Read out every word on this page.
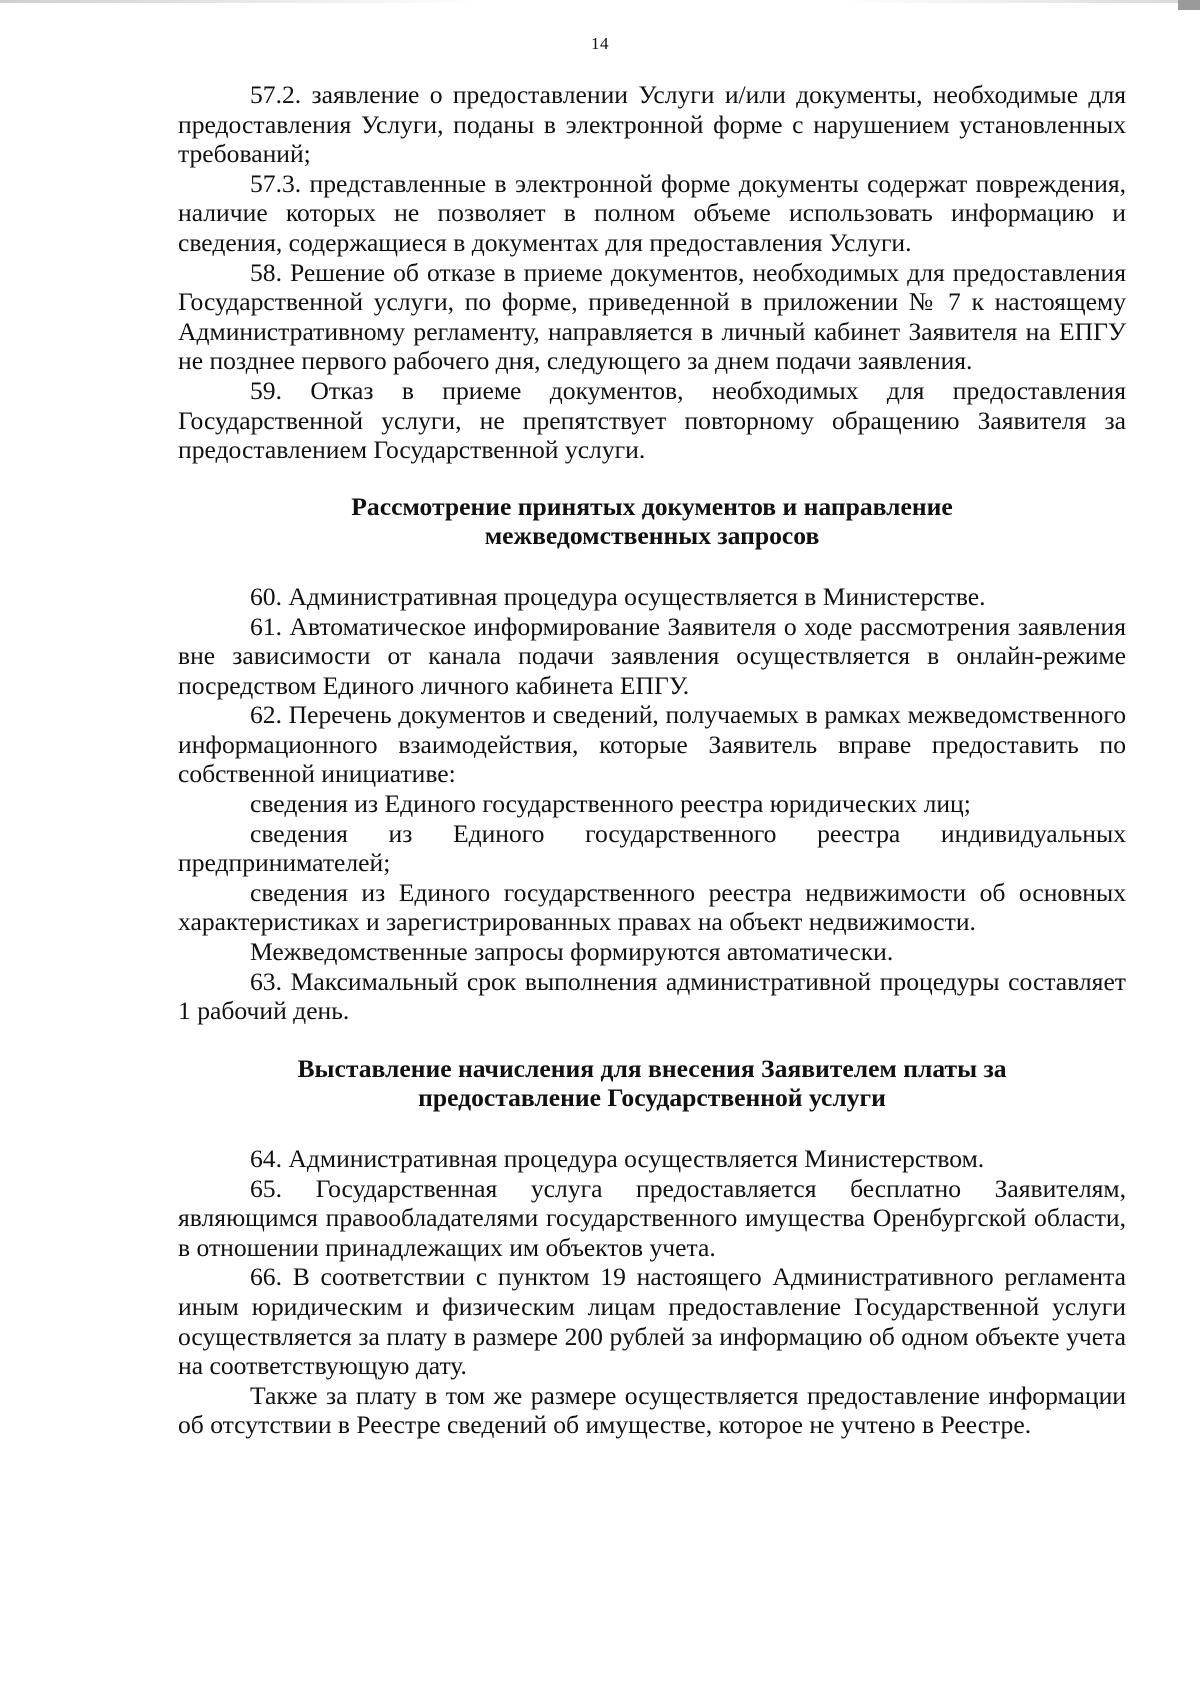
14

57.2. заявление о предоставлении Услуги и/или документы, необходимые для предоставления Услуги, поданы в электронной форме с нарушением установленных требований;

57.3. представленные в электронной форме документы содержат повреждения, наличие которых не позволяет в полном объеме использовать информацию и сведения, содержащиеся в документах для предоставления Услуги.

58. Решение об отказе в приеме документов, необходимых для предоставления Государственной услуги, по форме, приведенной в приложении № 7 к настоящему Административному регламенту, направляется в личный кабинет Заявителя на ЕПГУ не позднее первого рабочего дня, следующего за днем подачи заявления.

59. Отказ в приеме документов, необходимых для предоставления Государственной услуги, не препятствует повторному обращению Заявителя за предоставлением Государственной услуги.

Рассмотрение принятых документов и направление
межведомственных запросов

60. Административная процедура осуществляется в Министерстве.

61. Автоматическое информирование Заявителя о ходе рассмотрения заявления вне зависимости от канала подачи заявления осуществляется в онлайн-режиме посредством Единого личного кабинета ЕПГУ.

62. Перечень документов и сведений, получаемых в рамках межведомственного информационного взаимодействия, которые Заявитель вправе предоставить по собственной инициативе:

сведения из Единого государственного реестра юридических лиц;

сведения из Единого государственного реестра индивидуальных предпринимателей;

сведения из Единого государственного реестра недвижимости об основных характеристиках и зарегистрированных правах на объект недвижимости.

Межведомственные запросы формируются автоматически.

63. Максимальный срок выполнения административной процедуры составляет 1 рабочий день.

Выставление начисления для внесения Заявителем платы за
предоставление Государственной услуги

64. Административная процедура осуществляется Министерством.

65. Государственная услуга предоставляется бесплатно Заявителям, являющимся правообладателями государственного имущества Оренбургской области, в отношении принадлежащих им объектов учета.

66. В соответствии с пунктом 19 настоящего Административного регламента иным юридическим и физическим лицам предоставление Государственной услуги осуществляется за плату в размере 200 рублей за информацию об одном объекте учета на соответствующую дату.

Также за плату в том же размере осуществляется предоставление информации об отсутствии в Реестре сведений об имуществе, которое не учтено в Реестре.
